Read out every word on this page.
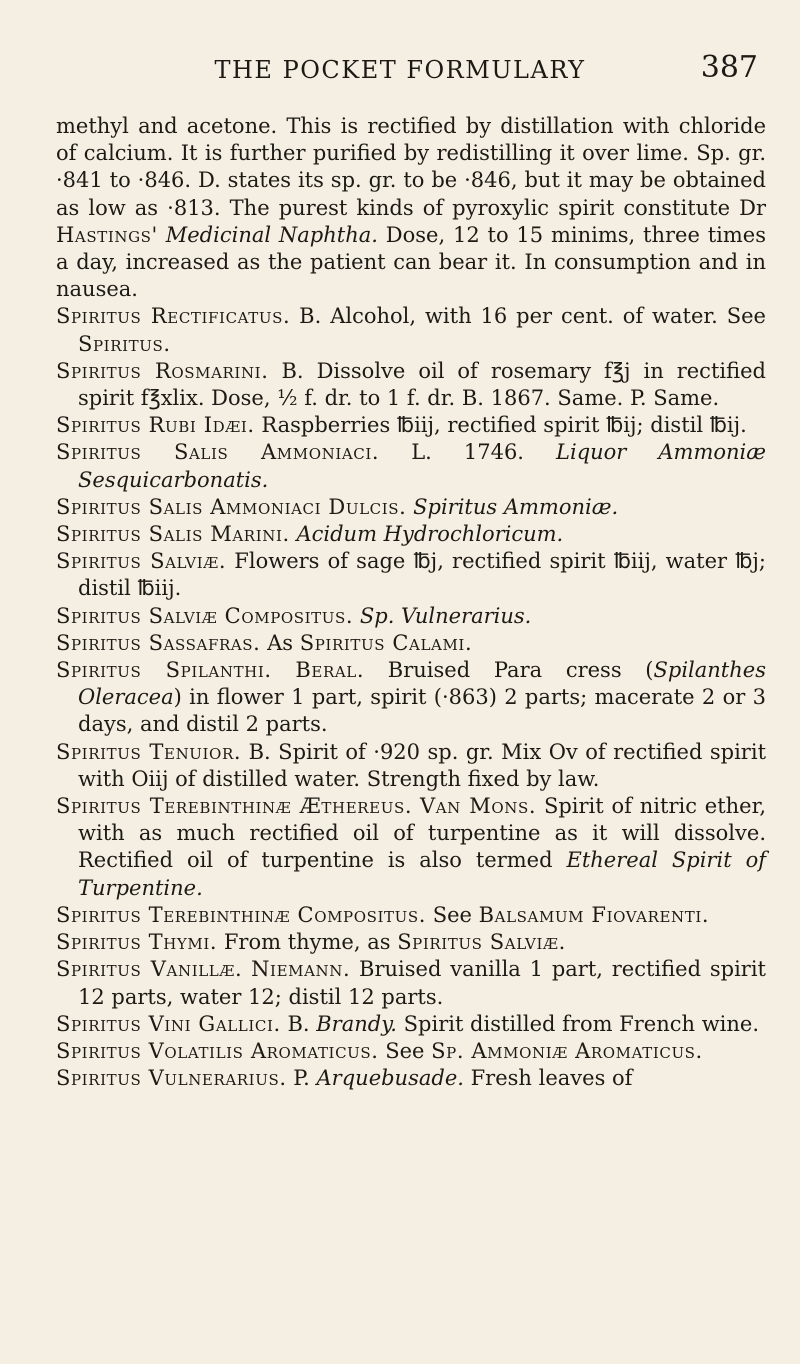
THE POCKET FORMULARY	387

methyl and acetone. This is rectified by distillation with chloride of calcium. It is further purified by redistilling it over lime. Sp. gr. ·841 to ·846. D. states its sp. gr. to be ·846, but it may be obtained as low as ·813. The purest kinds of pyroxylic spirit constitute Dr Hastings' Medicinal Naphtha. Dose, 12 to 15 minims, three times a day, increased as the patient can bear it. In consumption and in nausea.

Spiritus Rectificatus. B. Alcohol, with 16 per cent. of water. See Spiritus.

Spiritus Rosmarini. B. Dissolve oil of rosemary f℥j in rectified spirit f℥xlix. Dose, ½ f. dr. to 1 f. dr. B. 1867. Same. P. Same.

Spiritus Rubi Idæi. Raspberries ℔iij, rectified spirit ℔ij; distil ℔ij.

Spiritus Salis Ammoniaci. L. 1746. Liquor Ammoniæ Sesquicarbonatis.

Spiritus Salis Ammoniaci Dulcis. Spiritus Ammoniæ.

Spiritus Salis Marini. Acidum Hydrochloricum.

Spiritus Salviæ. Flowers of sage ℔j, rectified spirit ℔iij, water ℔j; distil ℔iij.

Spiritus Salviæ Compositus. Sp. Vulnerarius.

Spiritus Sassafras. As Spiritus Calami.

Spiritus Spilanthi. Beral. Bruised Para cress (Spilanthes Oleracea) in flower 1 part, spirit (·863) 2 parts; macerate 2 or 3 days, and distil 2 parts.

Spiritus Tenuior. B. Spirit of ·920 sp. gr. Mix Ov of rectified spirit with Oiij of distilled water. Strength fixed by law.

Spiritus Terebinthinæ Æthereus. Van Mons. Spirit of nitric ether, with as much rectified oil of turpentine as it will dissolve. Rectified oil of turpentine is also termed Ethereal Spirit of Turpentine.

Spiritus Terebinthinæ Compositus. See Balsamum Fiovarenti.

Spiritus Thymi. From thyme, as Spiritus Salviæ.

Spiritus Vanillæ. Niemann. Bruised vanilla 1 part, rectified spirit 12 parts, water 12; distil 12 parts.

Spiritus Vini Gallici. B. Brandy. Spirit distilled from French wine.

Spiritus Volatilis Aromaticus. See Sp. Ammoniæ Aromaticus.

Spiritus Vulnerarius. P. Arquebusade. Fresh leaves of
